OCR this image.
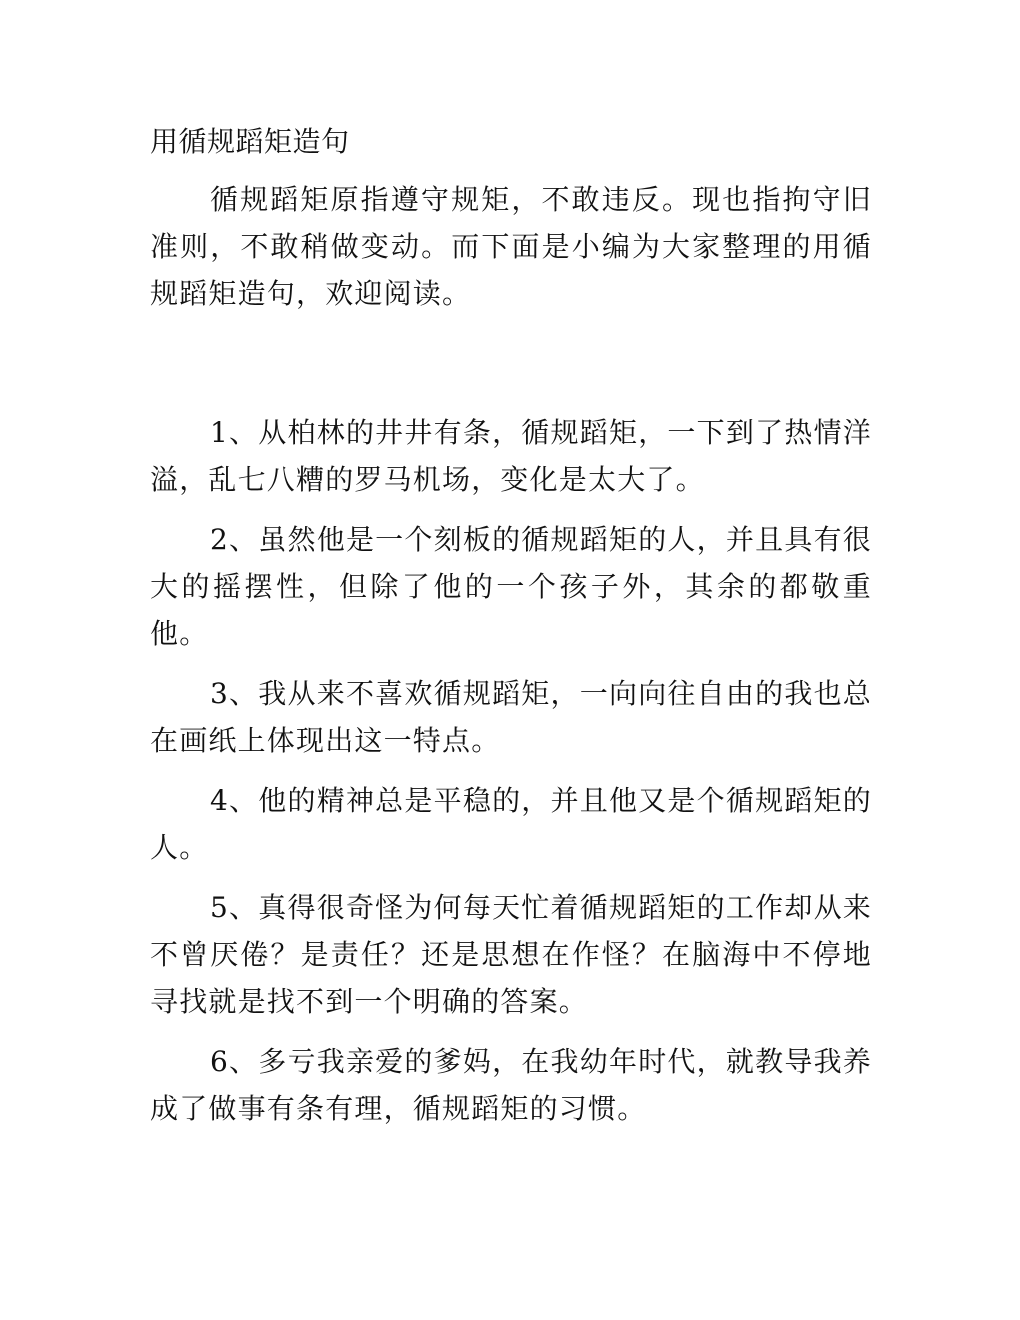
用循规蹈矩造句

循规蹈矩原指遵守规矩，不敢违反。现也指拘守旧准则，不敢稍做变动。而下面是小编为大家整理的用循规蹈矩造句，欢迎阅读。

1、从柏林的井井有条，循规蹈矩，一下到了热情洋溢，乱七八糟的罗马机场，变化是太大了。

2、虽然他是一个刻板的循规蹈矩的人，并且具有很大的摇摆性，但除了他的一个孩子外，其余的都敬重他。

3、我从来不喜欢循规蹈矩，一向向往自由的我也总在画纸上体现出这一特点。

4、他的精神总是平稳的，并且他又是个循规蹈矩的人。

5、真得很奇怪为何每天忙着循规蹈矩的工作却从来不曾厌倦？是责任？还是思想在作怪？在脑海中不停地寻找就是找不到一个明确的答案。

6、多亏我亲爱的爹妈，在我幼年时代，就教导我养成了做事有条有理，循规蹈矩的习惯。
